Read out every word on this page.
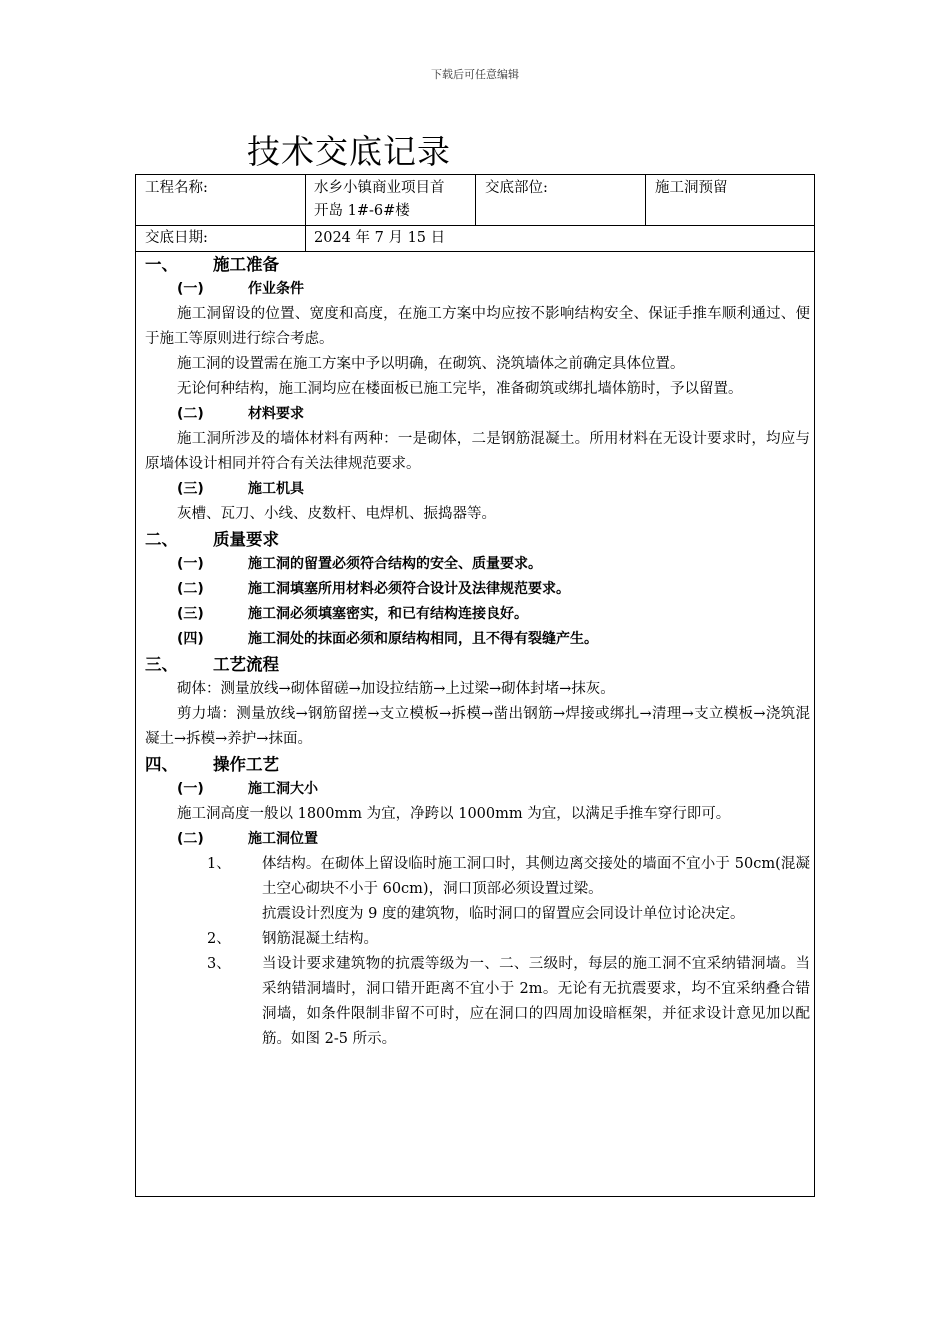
下载后可任意编辑
技术交底记录
工程名称:	水乡小镇商业项目首
开岛 1#-6#楼
交底部位:	施工洞预留
交底日期:	2024 年 7 月 15 日
一、 施工准备
(一)	作业条件
施工洞留设的位置、宽度和高度，在施工方案中均应按不影响结构安全、保证手推车顺利通过、便于施工等原则进行综合考虑。
施工洞的设置需在施工方案中予以明确，在砌筑、浇筑墙体之前确定具体位置。
无论何种结构，施工洞均应在楼面板已施工完毕，准备砌筑或绑扎墙体筋时，予以留置。
(二)	材料要求
施工洞所涉及的墙体材料有两种：一是砌体，二是钢筋混凝土。所用材料在无设计要求时，均应与原墙体设计相同并符合有关法律规范要求。
(三)	施工机具
灰槽、瓦刀、小线、皮数杆、电焊机、振捣器等。
二、 质量要求
(一)	施工洞的留置必须符合结构的安全、质量要求。
(二)	施工洞填塞所用材料必须符合设计及法律规范要求。
(三)	施工洞必须填塞密实，和已有结构连接良好。
(四)	施工洞处的抹面必须和原结构相同，且不得有裂缝产生。
三、 工艺流程
砌体：测量放线→砌体留磋→加设拉结筋→上过梁→砌体封堵→抹灰。
剪力墙：测量放线→钢筋留搓→支立模板→拆模→凿出钢筋→焊接或绑扎→清理→支立模板→浇筑混凝土→拆模→养护→抹面。
四、 操作工艺
(一)	施工洞大小
施工洞高度一般以 1800mm 为宜，净跨以 1000mm 为宜，以满足手推车穿行即可。
(二)	施工洞位置
1、 体结构。在砌体上留设临时施工洞口时，其侧边离交接处的墙面不宜小于 50cm(混凝土空心砌块不小于 60cm)，洞口顶部必须设置过梁。
抗震设计烈度为 9 度的建筑物，临时洞口的留置应会同设计单位讨论决定。
2、 钢筋混凝土结构。
3、 当设计要求建筑物的抗震等级为一、二、三级时，每层的施工洞不宜采纳错洞墙。当采纳错洞墙时，洞口错开距离不宜小于 2m。无论有无抗震要求，均不宜采纳叠合错洞墙，如条件限制非留不可时，应在洞口的四周加设暗框架，并征求设计意见加以配筋。如图 2-5 所示。
